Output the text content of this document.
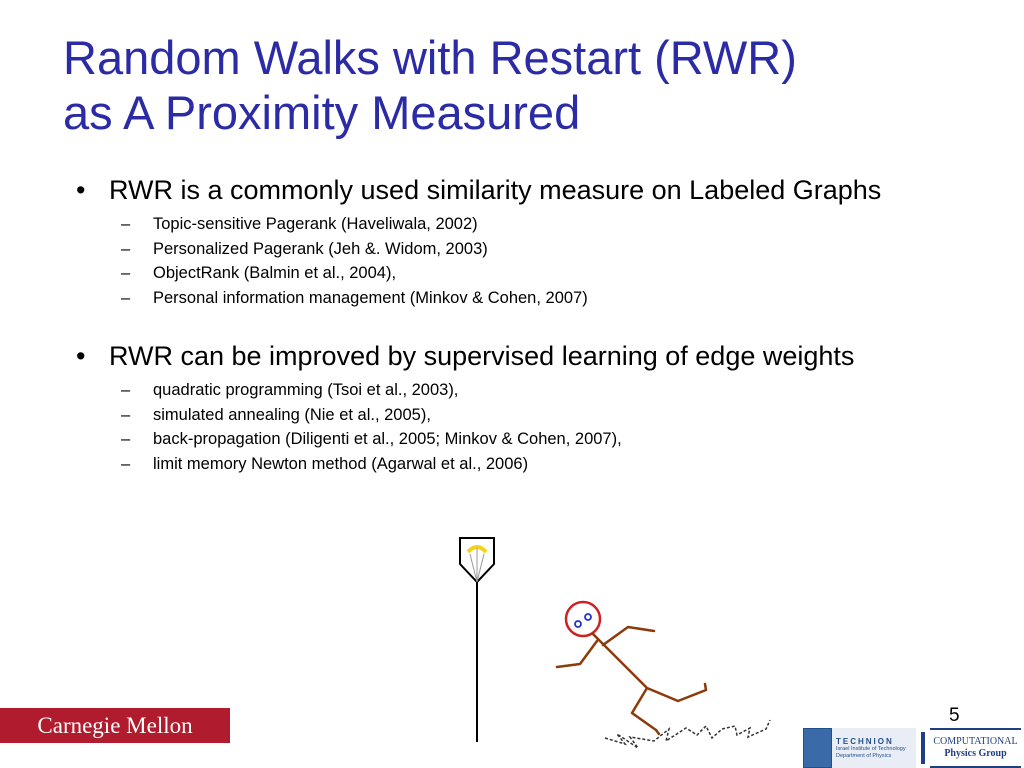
Random Walks with Restart (RWR)
as A Proximity Measured
• RWR is a commonly used similarity measure on Labeled Graphs
– Topic-sensitive Pagerank (Haveliwala, 2002)
– Personalized Pagerank (Jeh &. Widom, 2003)
– ObjectRank (Balmin et al., 2004),
– Personal information management (Minkov & Cohen, 2007)
• RWR can be improved by supervised learning of edge weights
– quadratic programming (Tsoi et al., 2003),
– simulated annealing (Nie et al., 2005),
– back-propagation (Diligenti et al., 2005; Minkov & Cohen, 2007),
– limit memory Newton method (Agarwal et al., 2006)
Carnegie Mellon	5
TECHNION
Israel Institute of Technology
Department of Physics
COMPUTATIONAL
Physics Group
